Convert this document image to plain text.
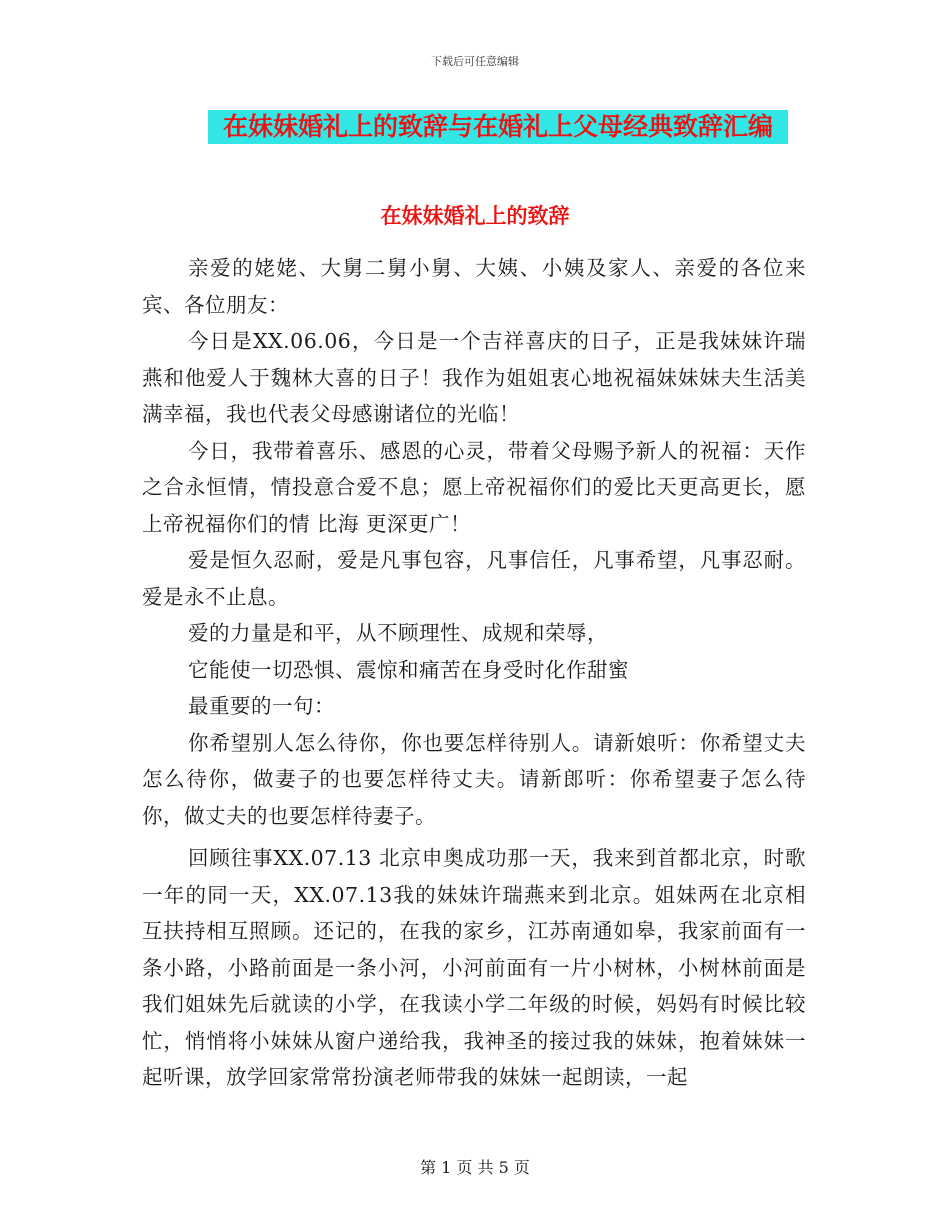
下载后可任意编辑
在妹妹婚礼上的致辞与在婚礼上父母经典致辞汇编
在妹妹婚礼上的致辞

亲爱的姥姥、大舅二舅小舅、大姨、小姨及家人、亲爱的各位来宾、各位朋友：

今日是XX.06.06，今日是一个吉祥喜庆的日子，正是我妹妹许瑞燕和他爱人于魏林大喜的日子！我作为姐姐衷心地祝福妹妹妹夫生活美满幸福，我也代表父母感谢诸位的光临！

今日，我带着喜乐、感恩的心灵，带着父母赐予新人的祝福：天作之合永恒情，情投意合爱不息；愿上帝祝福你们的爱比天更高更长，愿上帝祝福你们的情 比海 更深更广！

爱是恒久忍耐，爱是凡事包容，凡事信任，凡事希望，凡事忍耐。爱是永不止息。

爱的力量是和平，从不顾理性、成规和荣辱，

它能使一切恐惧、震惊和痛苦在身受时化作甜蜜

最重要的一句：

你希望别人怎么待你，你也要怎样待别人。请新娘听：你希望丈夫怎么待你，做妻子的也要怎样待丈夫。请新郎听：你希望妻子怎么待你，做丈夫的也要怎样待妻子。

回顾往事XX.07.13 北京申奥成功那一天，我来到首都北京，时歌一年的同一天，XX.07.13我的妹妹许瑞燕来到北京。姐妹两在北京相互扶持相互照顾。还记的，在我的家乡，江苏南通如皋，我家前面有一条小路，小路前面是一条小河，小河前面有一片小树林，小树林前面是我们姐妹先后就读的小学，在我读小学二年级的时候，妈妈有时候比较忙，悄悄将小妹妹从窗户递给我，我神圣的接过我的妹妹，抱着妹妹一起听课，放学回家常常扮演老师带我的妹妹一起朗读，一起

第 1 页 共 5 页
